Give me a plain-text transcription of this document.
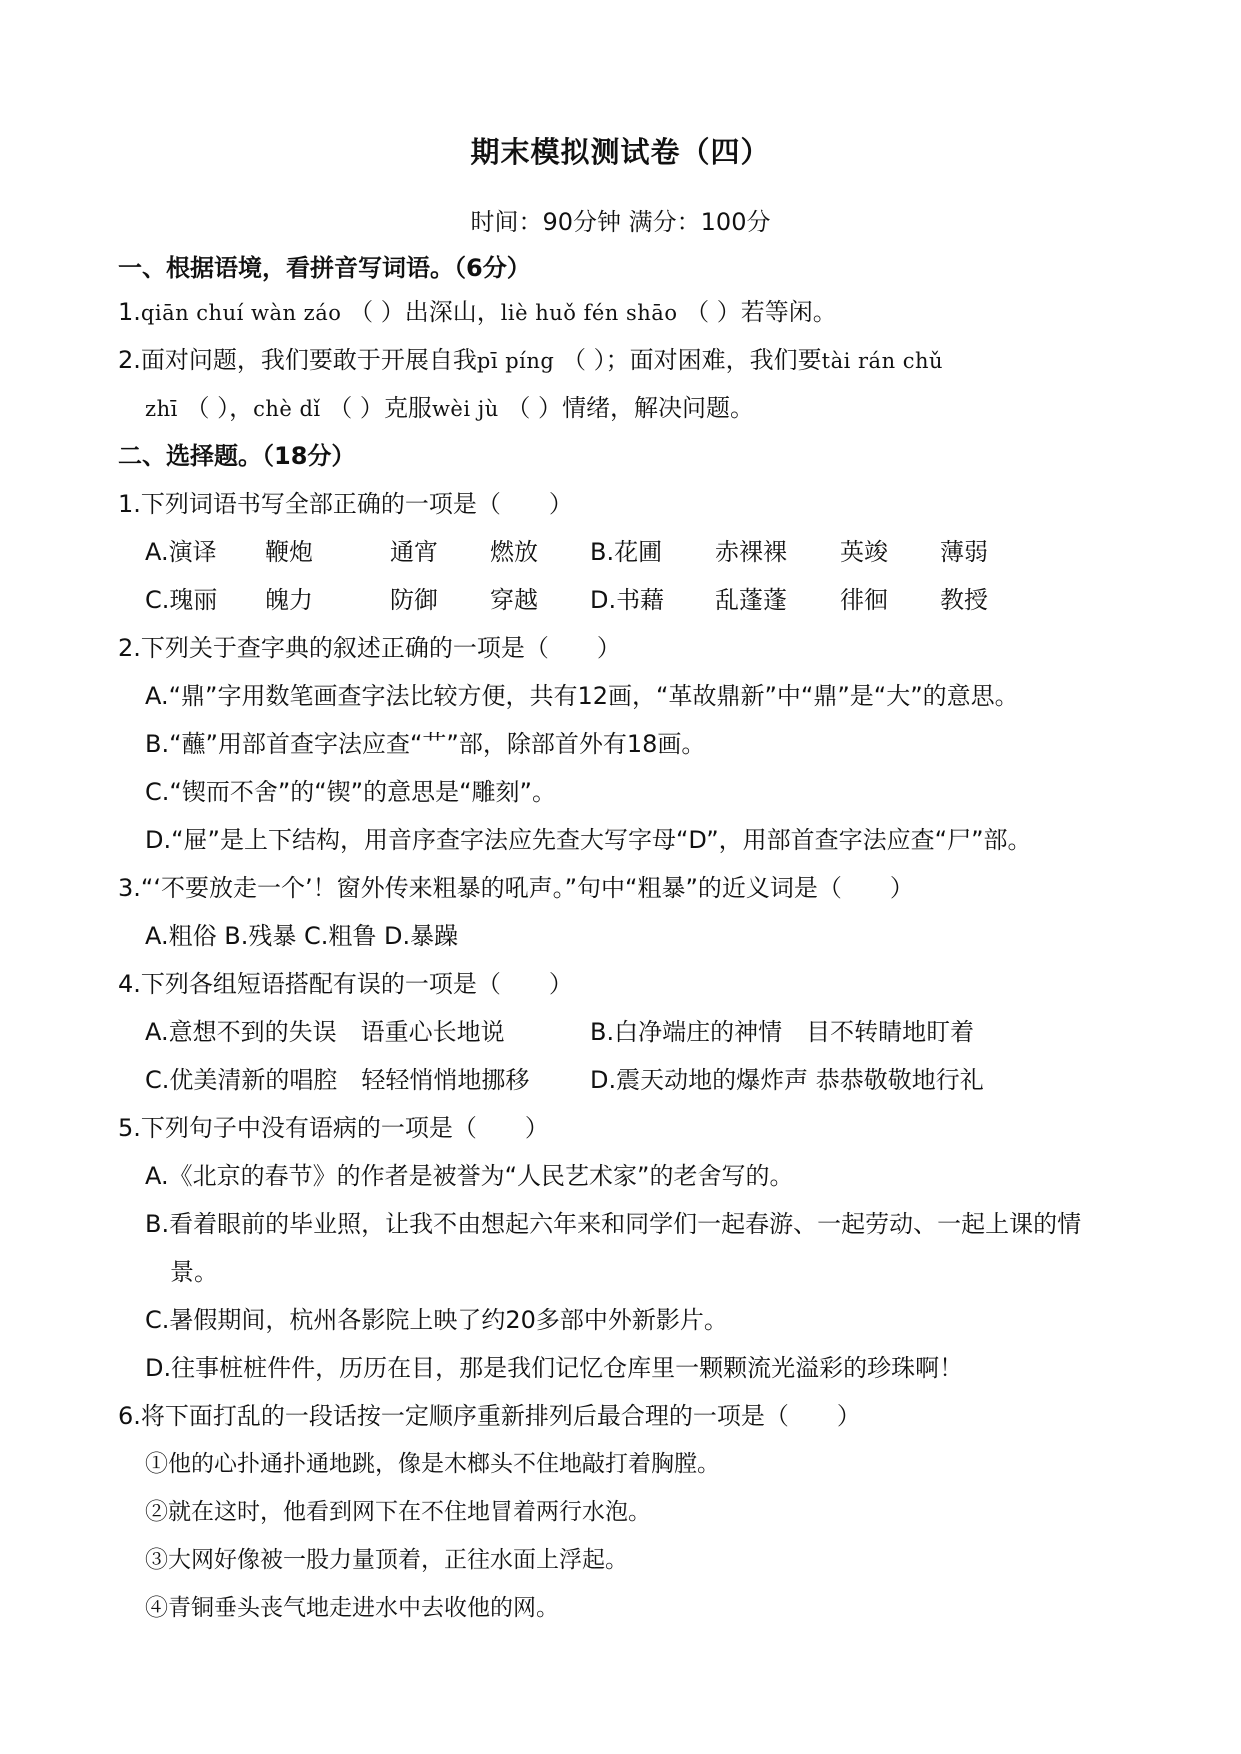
期末模拟测试卷（四）
时间：90分钟 满分：100分
一、根据语境，看拼音写词语。（6分）
1.qiān chuí wàn záo （ ）出深山，liè huǒ fén shāo （ ）若等闲。
2.面对问题，我们要敢于开展自我pī píng （ ）；面对困难，我们要tài rán chǔ
zhī （ ），chè dǐ （ ）克服wèi jù （ ）情绪，解决问题。
二、选择题。（18分）
1.下列词语书写全部正确的一项是（　　）
A.演译 鞭炮	通宵 燃放 B.花圃 赤裸裸 英竣 薄弱
C.瑰丽 魄力	防御 穿越 D.书藉 乱蓬蓬 徘徊 教授
2.下列关于查字典的叙述正确的一项是（　　）
A.“鼎”字用数笔画查字法比较方便，共有12画，“革故鼎新”中“鼎”是“大”的意思。
B.“蘸”用部首查字法应查“艹”部，除部首外有18画。
C.“锲而不舍”的“锲”的意思是“雕刻”。
D.“屉”是上下结构，用音序查字法应先查大写字母“D”，用部首查字法应查“尸”部。
3.“‘不要放走一个’！窗外传来粗暴的吼声。”句中“粗暴”的近义词是（　　）
A.粗俗 B.残暴 C.粗鲁 D.暴躁
4.下列各组短语搭配有误的一项是（　　）
A.意想不到的失误　语重心长地说	B.白净端庄的神情　目不转睛地盯着
C.优美清新的唱腔　轻轻悄悄地挪移	D.震天动地的爆炸声 恭恭敬敬地行礼
5.下列句子中没有语病的一项是（　　）
A.《北京的春节》的作者是被誉为“人民艺术家”的老舍写的。
B.看着眼前的毕业照，让我不由想起六年来和同学们一起春游、一起劳动、一起上课的情
景。
C.暑假期间，杭州各影院上映了约20多部中外新影片。
D.往事桩桩件件，历历在目，那是我们记忆仓库里一颗颗流光溢彩的珍珠啊！
6.将下面打乱的一段话按一定顺序重新排列后最合理的一项是（　　）
①他的心扑通扑通地跳，像是木榔头不住地敲打着胸膛。
②就在这时，他看到网下在不住地冒着两行水泡。
③大网好像被一股力量顶着，正往水面上浮起。
④青铜垂头丧气地走进水中去收他的网。
